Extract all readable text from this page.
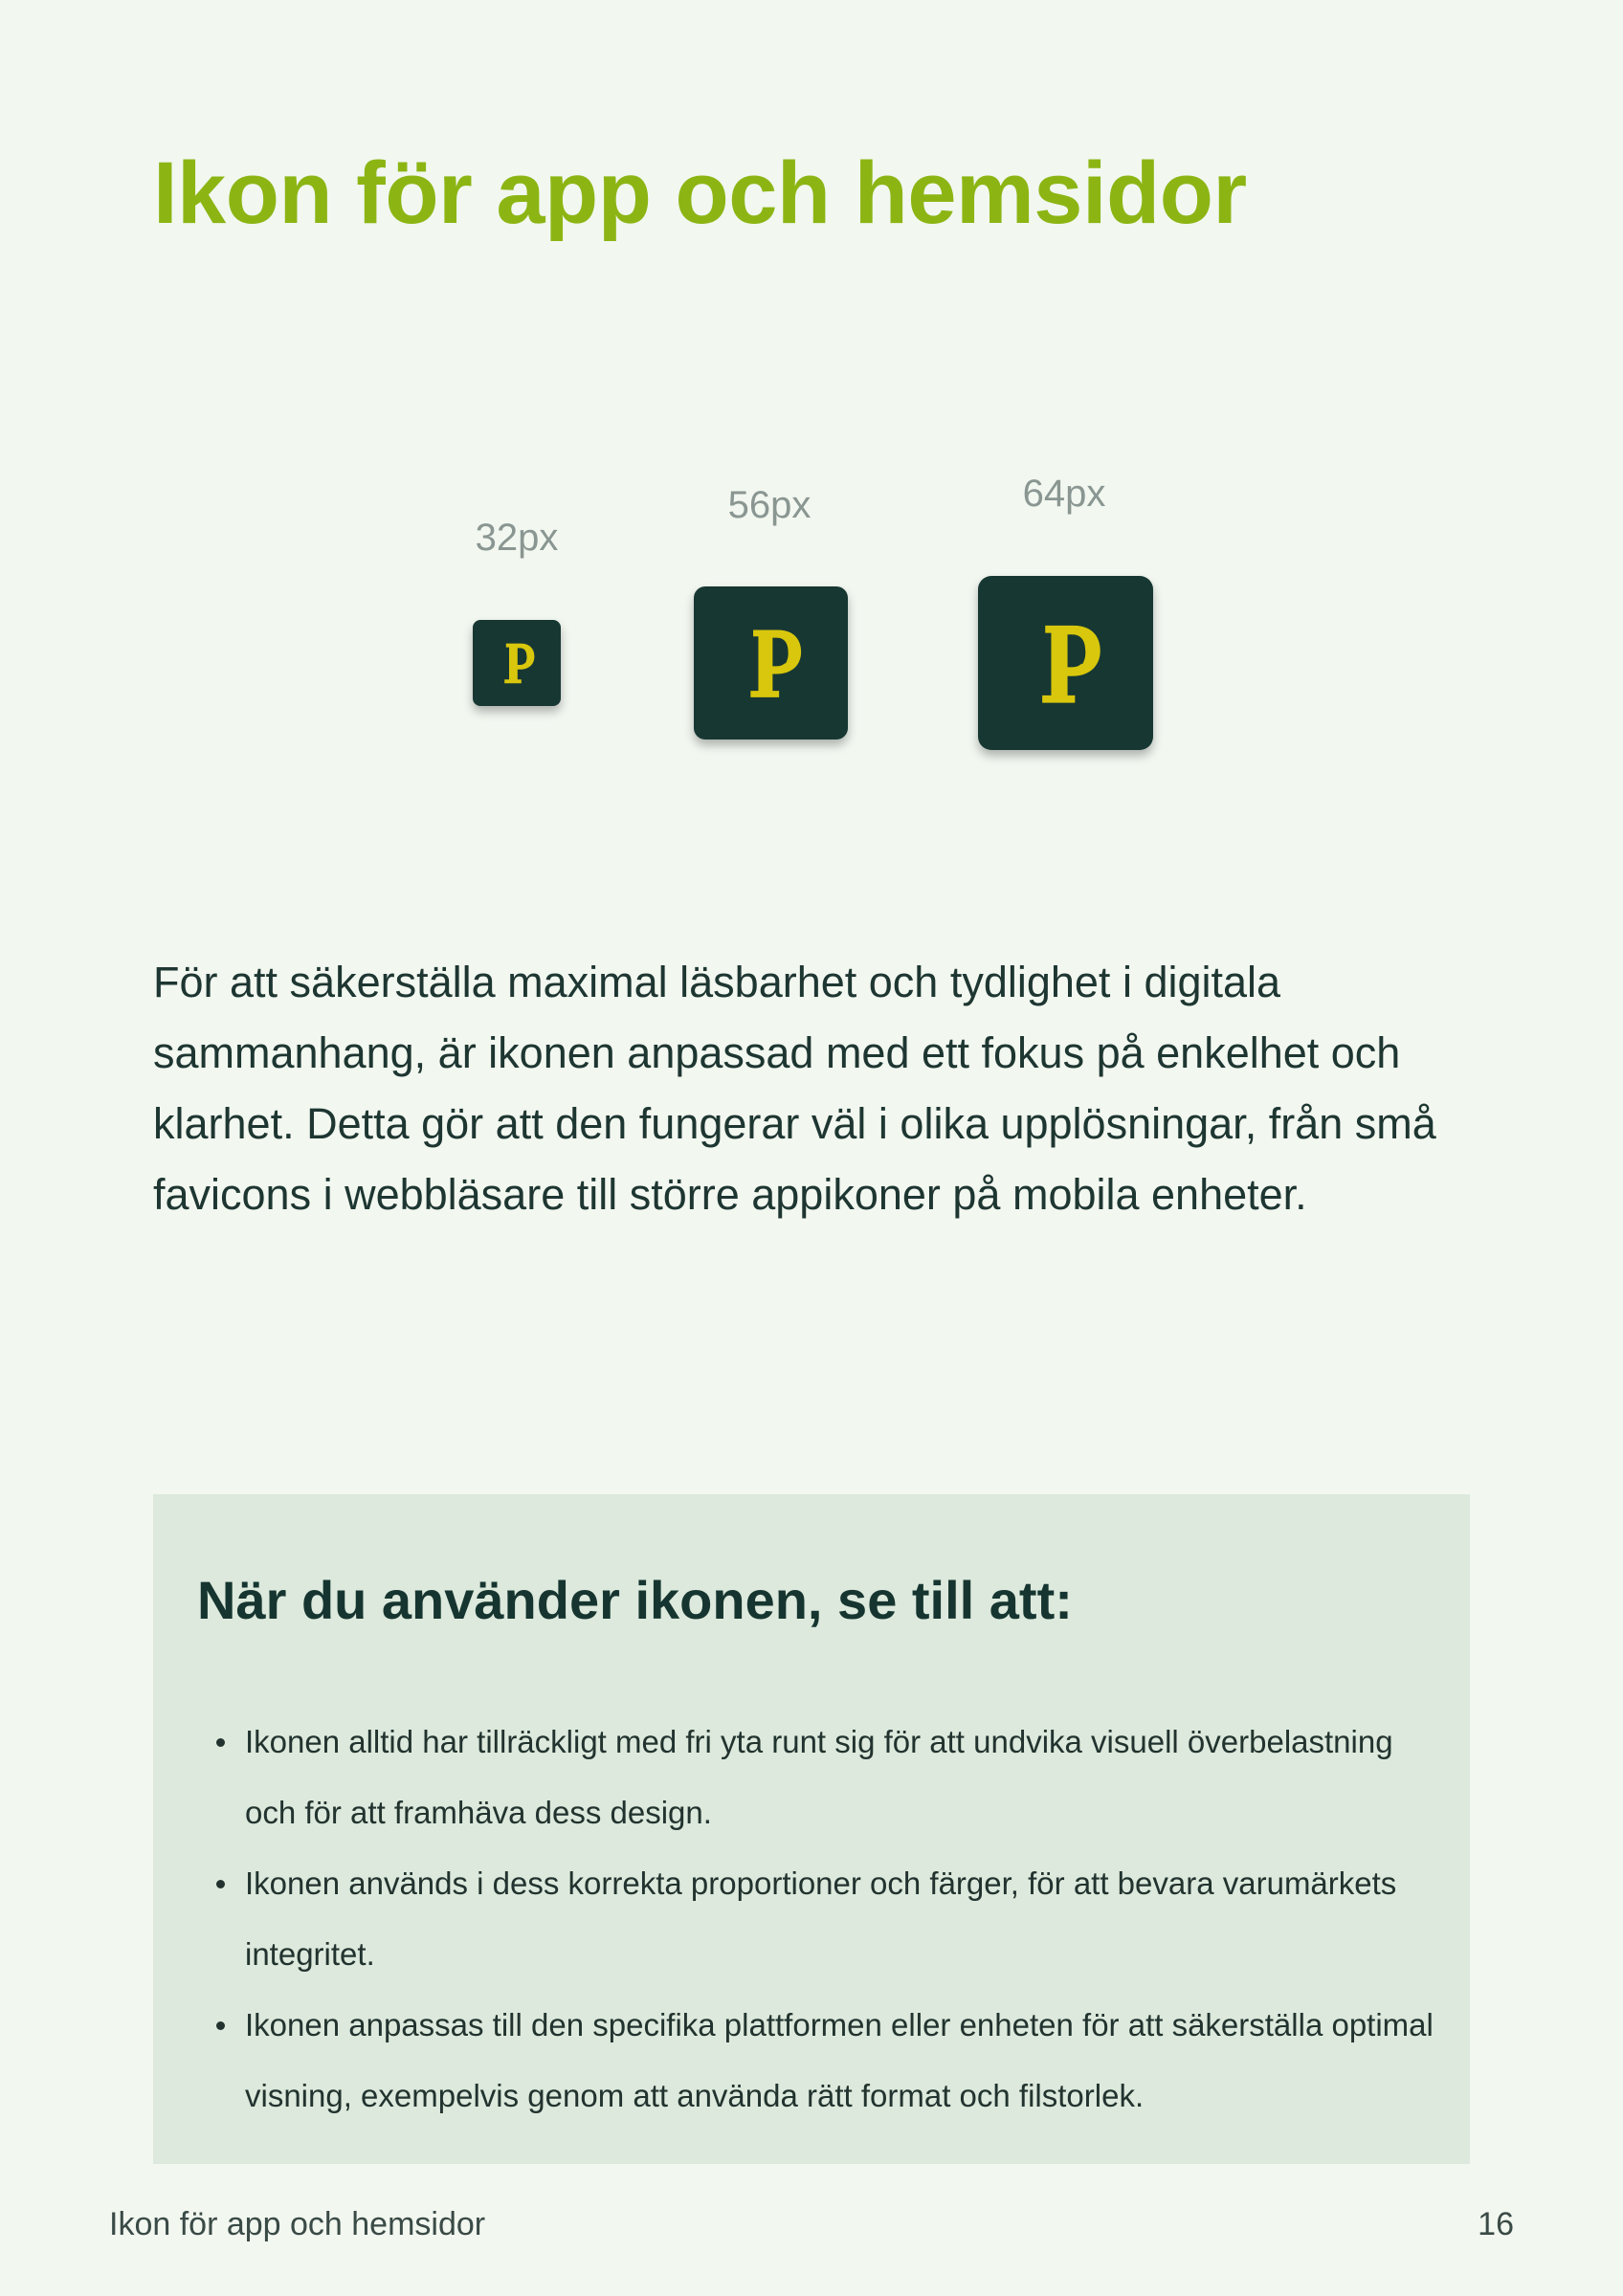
Ikon för app och hemsidor
32px
56px	64px

För att säkerställa maximal läsbarhet och tydlighet i digitala sammanhang, är ikonen anpassad med ett fokus på enkelhet och klarhet. Detta gör att den fungerar väl i olika upplösningar, från små favicons i webbläsare till större appikoner på mobila enheter.

När du använder ikonen, se till att:
Ikonen alltid har tillräckligt med fri yta runt sig för att undvika visuell överbelastning och för att framhäva dess design.
Ikonen används i dess korrekta proportioner och färger, för att bevara varumärkets integritet.
Ikonen anpassas till den specifika plattformen eller enheten för att säkerställa optimal visning, exempelvis genom att använda rätt format och filstorlek.
Ikon för app och hemsidor	16
